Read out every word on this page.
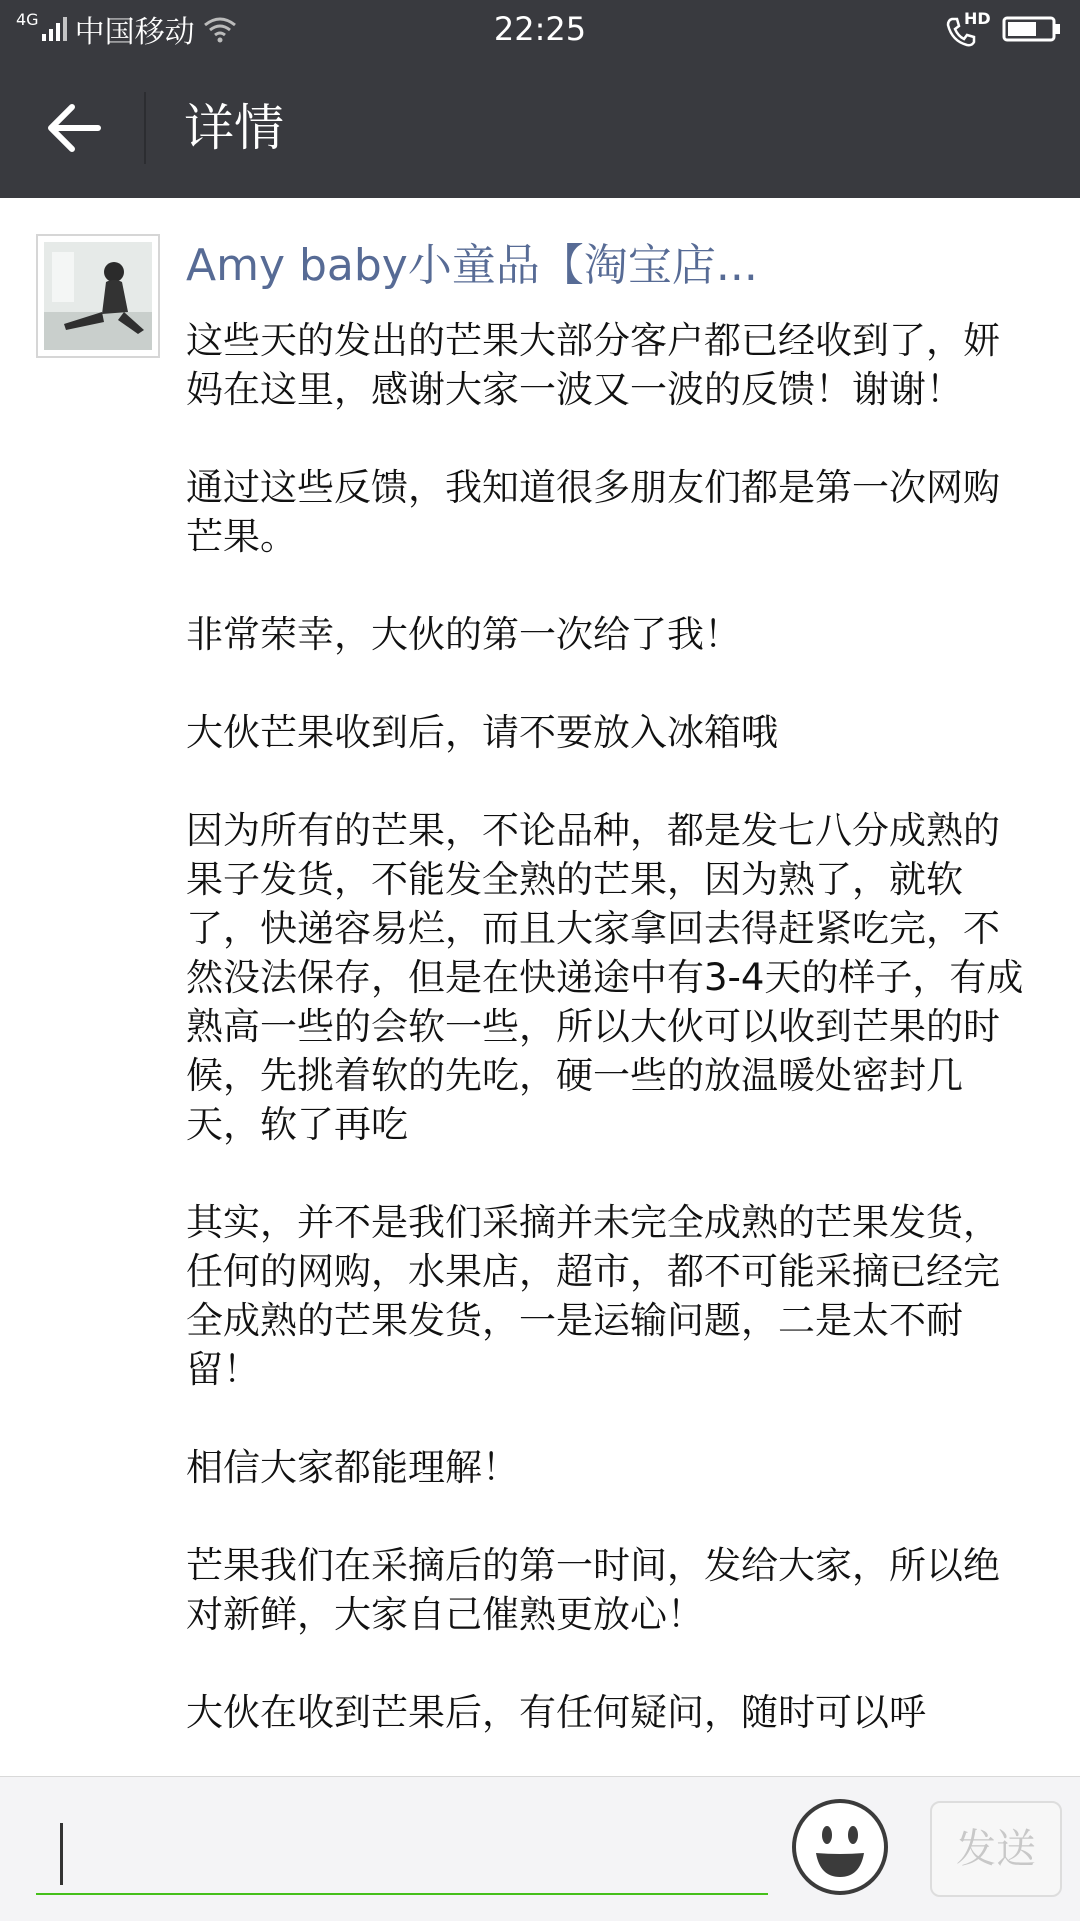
4G 中国移动	22:25	HD
详情
Amy baby小童品【淘宝店...

这些天的发出的芒果大部分客户都已经收到了，妍妈在这里，感谢大家一波又一波的反馈！谢谢！

通过这些反馈，我知道很多朋友们都是第一次网购芒果。

非常荣幸，大伙的第一次给了我！

大伙芒果收到后，请不要放入冰箱哦

因为所有的芒果，不论品种，都是发七八分成熟的果子发货，不能发全熟的芒果，因为熟了，就软了，快递容易烂，而且大家拿回去得赶紧吃完，不然没法保存，但是在快递途中有3-4天的样子，有成熟高一些的会软一些，所以大伙可以收到芒果的时候，先挑着软的先吃，硬一些的放温暖处密封几天，软了再吃

其实，并不是我们采摘并未完全成熟的芒果发货，任何的网购，水果店，超市，都不可能采摘已经完全成熟的芒果发货，一是运输问题，二是太不耐留！

相信大家都能理解！

芒果我们在采摘后的第一时间，发给大家，所以绝对新鲜，大家自己催熟更放心！

大伙在收到芒果后，有任何疑问，随时可以呼

发送
